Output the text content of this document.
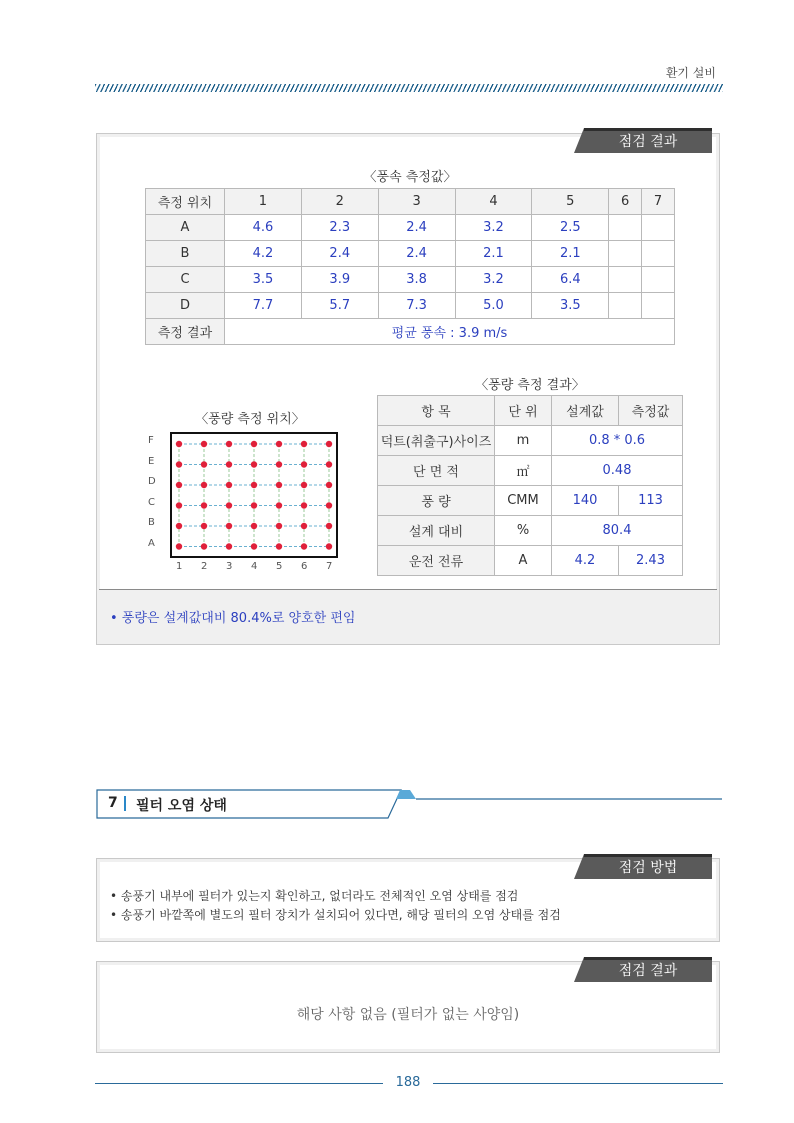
환기 설비
점검 결과
〈풍속 측정값〉
측정 위치	1	2	3	4	5	6	7
A	4.6	2.3	2.4	3.2	2.5		
B	4.2	2.4	2.4	2.1	2.1		
C	3.5	3.9	3.8	3.2	6.4		
D	7.7	5.7	7.3	5.0	3.5		
측정 결과	평균 풍속 : 3.9 m/s						
〈풍량 측정 위치〉
F
E
D
C
B
A
1 2 3 4 5 6 7
〈풍량 측정 결과〉
항 목	단 위	설계값	측정값
덕트(취출구)사이즈	m	0.8 * 0.6	
단 면 적	㎡	0.48	
풍 량	CMM	140	113
설계 대비	%	80.4	
운전 전류	A	4.2	2.43
• 풍량은 설계값대비 80.4%로 양호한 편임
7 필터 오염 상태
점검 방법
• 송풍기 내부에 필터가 있는지 확인하고, 없더라도 전체적인 오염 상태를 점검
• 송풍기 바깥쪽에 별도의 필터 장치가 설치되어 있다면, 해당 필터의 오염 상태를 점검
점검 결과
해당 사항 없음 (필터가 없는 사양임)
188
